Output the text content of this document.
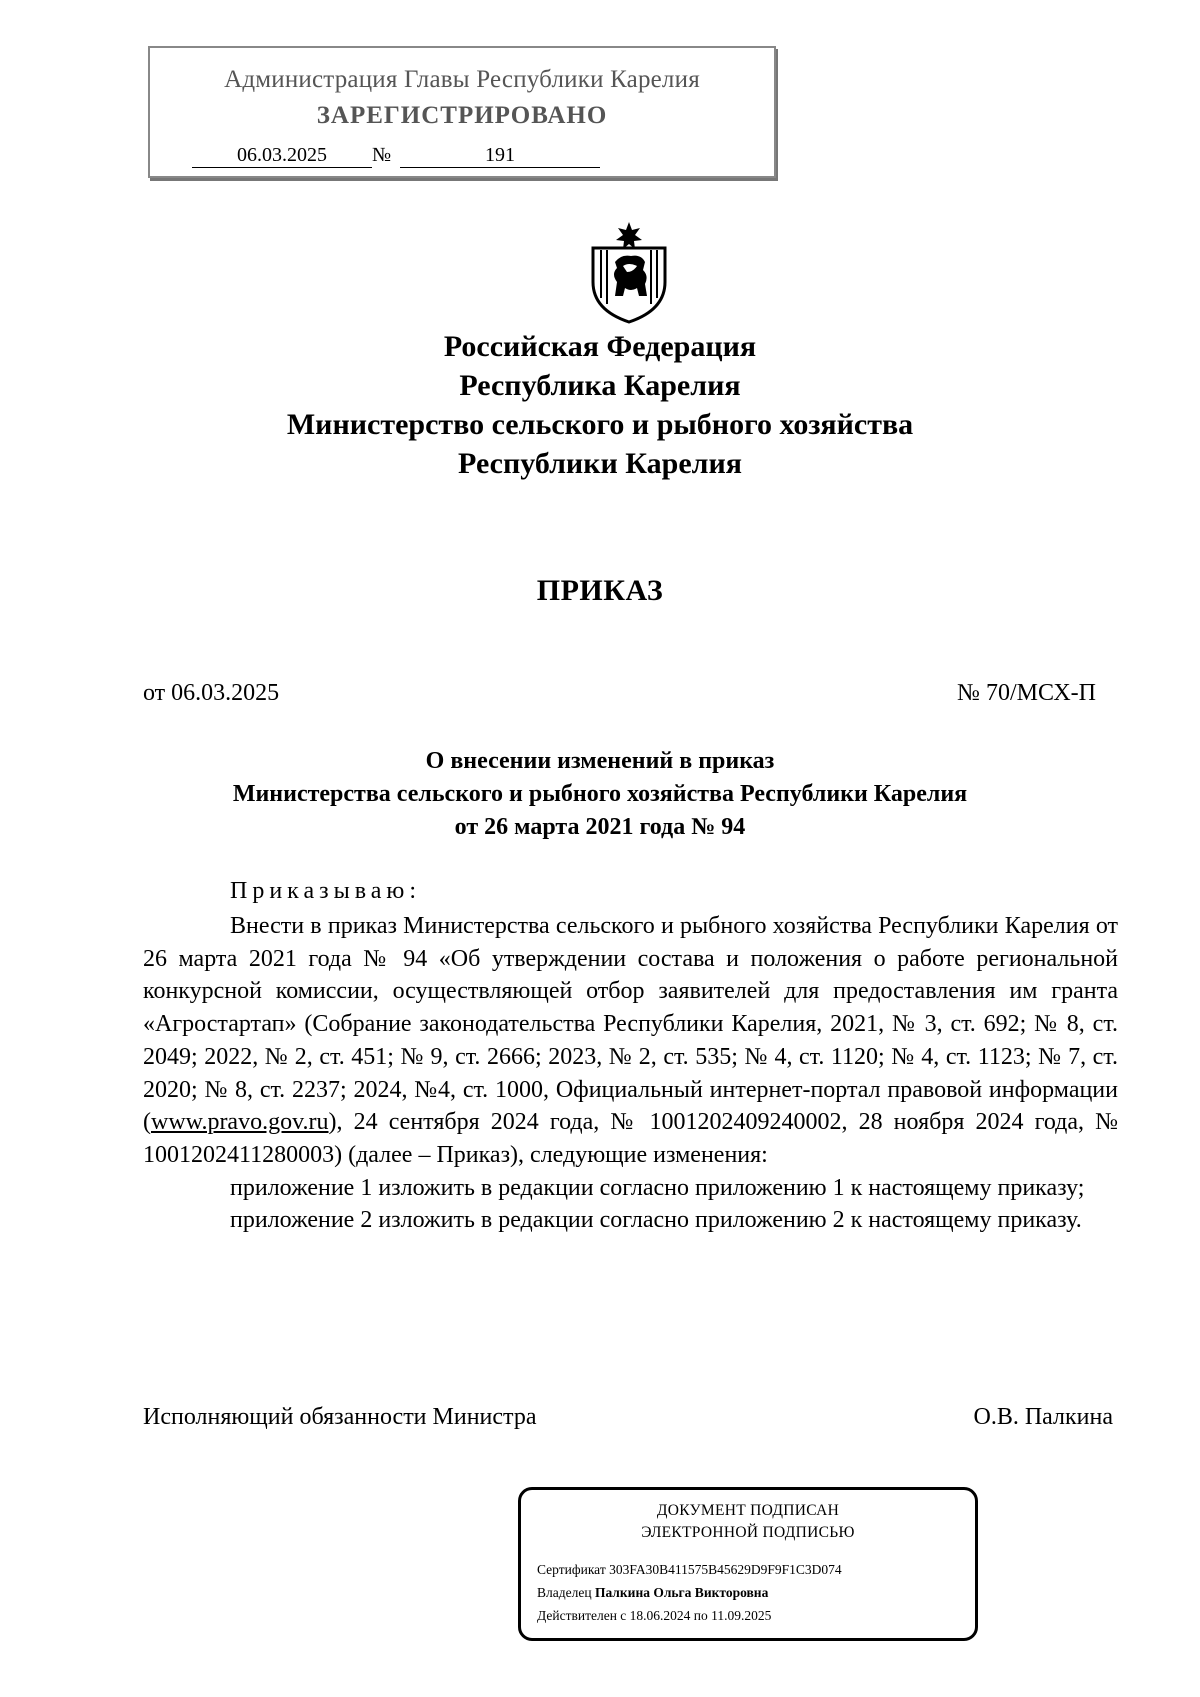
Администрация Главы Республики Карелия
ЗАРЕГИСТРИРОВАНО
06.03.2025	№	191
Российская Федерация
Республика Карелия
Министерство сельского и рыбного хозяйства
Республики Карелия
ПРИКАЗ
от 06.03.2025	№ 70/МСХ-П
О внесении изменений в приказ
Министерства сельского и рыбного хозяйства Республики Карелия
от 26 марта 2021 года № 94
Приказываю:

Внести в приказ Министерства сельского и рыбного хозяйства Республики Карелия от 26 марта 2021 года № 94 «Об утверждении состава и положения о работе региональной конкурсной комиссии, осуществляющей отбор заявителей для предоставления им гранта «Агростартап» (Собрание законодательства Республики Карелия, 2021, № 3, ст. 692; № 8, ст. 2049; 2022, № 2, ст. 451; № 9, ст. 2666; 2023, № 2, ст. 535; № 4, ст. 1120; № 4, ст. 1123; № 7, ст. 2020; № 8, ст. 2237; 2024, №4, ст. 1000, Официальный интернет-портал правовой информации (www.pravo.gov.ru), 24 сентября 2024 года, № 1001202409240002, 28 ноября 2024 года, № 1001202411280003) (далее – Приказ), следующие изменения:

приложение 1 изложить в редакции согласно приложению 1 к настоящему приказу;

приложение 2 изложить в редакции согласно приложению 2 к настоящему приказу.

Исполняющий обязанности Министра	О.В. Палкина
ДОКУМЕНТ ПОДПИСАН
ЭЛЕКТРОННОЙ ПОДПИСЬЮ
Сертификат 303FA30B411575B45629D9F9F1C3D074
Владелец Палкина Ольга Викторовна
Действителен с 18.06.2024 по 11.09.2025
